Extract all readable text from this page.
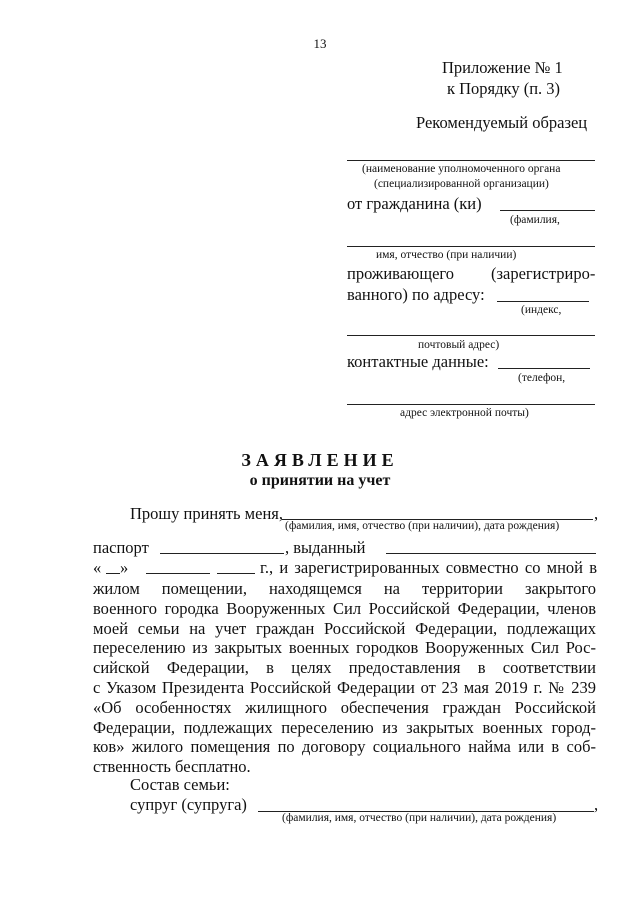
13
Приложение № 1
к Порядку (п. 3)
Рекомендуемый образец
(наименование уполномоченного органа
(специализированной организации)
от гражданина (ки)
(фамилия,
имя, отчество (при наличии)
проживающего (зарегистриро-
ванного) по адресу:
(индекс,
почтовый адрес)
контактные данные:
(телефон,
адрес электронной почты)
ЗАЯВЛЕНИЕ
о принятии на учет
Прошу принять меня,	,
(фамилия, имя, отчество (при наличии), дата рождения)
паспорт	, выданный
« »	г., и зарегистрированных совместно со мной в
жилом помещении, находящемся на территории закрытого
военного городка Вооруженных Сил Российской Федерации, членов
моей семьи на учет граждан Российской Федерации, подлежащих
переселению из закрытых военных городков Вооруженных Сил Рос-
сийской Федерации, в целях предоставления в соответствии
с Указом Президента Российской Федерации от 23 мая 2019 г. № 239
«Об особенностях жилищного обеспечения граждан Российской
Федерации, подлежащих переселению из закрытых военных город-
ков» жилого помещения по договору социального найма или в соб-
ственность бесплатно.
Состав семьи:
супруг (супруга)	,
(фамилия, имя, отчество (при наличии), дата рождения)
